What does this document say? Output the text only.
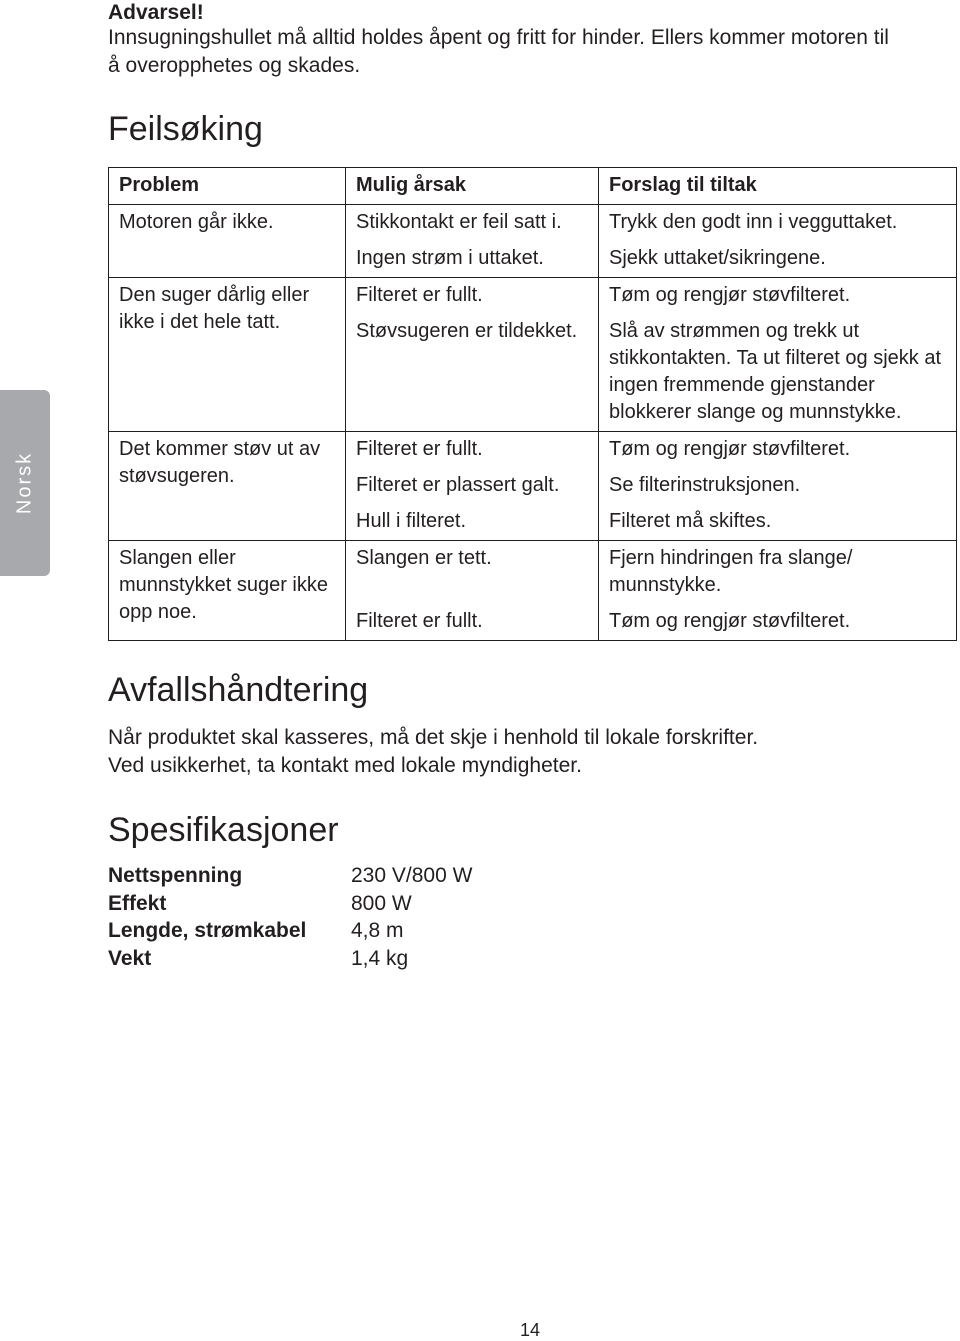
Norsk
Advarsel!
Innsugningshullet må alltid holdes åpent og fritt for hinder. Ellers kommer motoren til
å overopphetes og skades.
Feilsøking
Problem	Mulig årsak	Forslag til tiltak
Motoren går ikke.	Stikkontakt er feil satt i.	Trykk den godt inn i vegguttaket.
	Ingen strøm i uttaket.	Sjekk uttaket/sikringene.
Den suger dårlig eller ikke i det hele tatt.	Filteret er fullt.	Tøm og rengjør støvfilteret.
	Støvsugeren er tildekket.	Slå av strømmen og trekk ut stikkontakten. Ta ut filteret og sjekk at ingen fremmende gjenstander blokkerer slange og munnstykke.
Det kommer støv ut av støvsugeren.	Filteret er fullt.	Tøm og rengjør støvfilteret.
	Filteret er plassert galt.	Se filterinstruksjonen.
	Hull i filteret.	Filteret må skiftes.
Slangen eller munnstykket suger ikke opp noe.	Slangen er tett.	Fjern hindringen fra slange/ munnstykke.
	Filteret er fullt.	Tøm og rengjør støvfilteret.
Avfallshåndtering
Når produktet skal kasseres, må det skje i henhold til lokale forskrifter.
Ved usikkerhet, ta kontakt med lokale myndigheter.
Spesifikasjoner
Nettspenning	230 V/800 W
Effekt	800 W
Lengde, strømkabel	4,8 m
Vekt	1,4 kg
14
